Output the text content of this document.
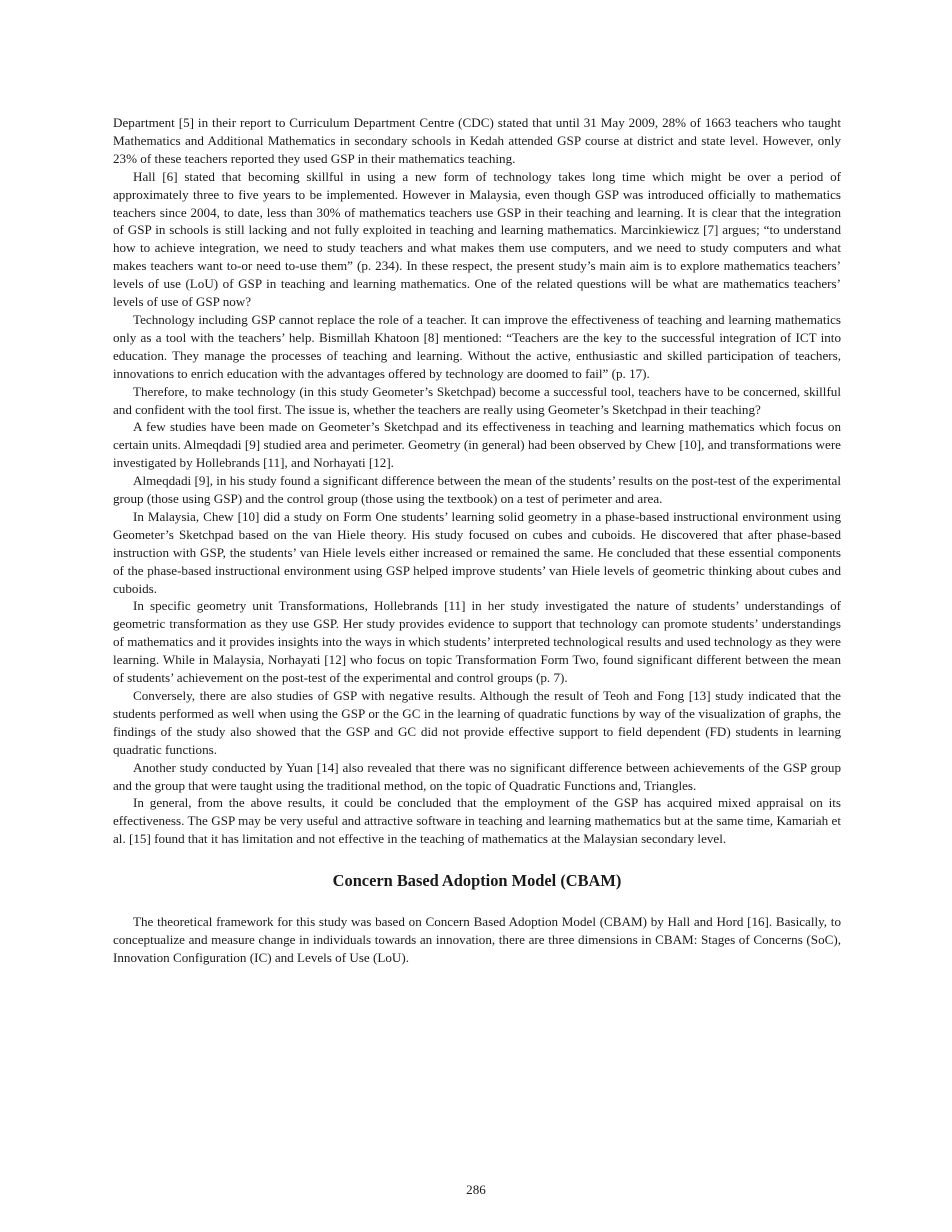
Department [5] in their report to Curriculum Department Centre (CDC) stated that until 31 May 2009, 28% of 1663 teachers who taught Mathematics and Additional Mathematics in secondary schools in Kedah attended GSP course at district and state level. However, only 23% of these teachers reported they used GSP in their mathematics teaching.

Hall [6] stated that becoming skillful in using a new form of technology takes long time which might be over a period of approximately three to five years to be implemented. However in Malaysia, even though GSP was introduced officially to mathematics teachers since 2004, to date, less than 30% of mathematics teachers use GSP in their teaching and learning. It is clear that the integration of GSP in schools is still lacking and not fully exploited in teaching and learning mathematics. Marcinkiewicz [7] argues; “to understand how to achieve integration, we need to study teachers and what makes them use computers, and we need to study computers and what makes teachers want to-or need to-use them” (p. 234). In these respect, the present study’s main aim is to explore mathematics teachers’ levels of use (LoU) of GSP in teaching and learning mathematics. One of the related questions will be what are mathematics teachers’ levels of use of GSP now?

Technology including GSP cannot replace the role of a teacher. It can improve the effectiveness of teaching and learning mathematics only as a tool with the teachers’ help. Bismillah Khatoon [8] mentioned: “Teachers are the key to the successful integration of ICT into education. They manage the processes of teaching and learning. Without the active, enthusiastic and skilled participation of teachers, innovations to enrich education with the advantages offered by technology are doomed to fail” (p. 17).

Therefore, to make technology (in this study Geometer’s Sketchpad) become a successful tool, teachers have to be concerned, skillful and confident with the tool first. The issue is, whether the teachers are really using Geometer’s Sketchpad in their teaching?

A few studies have been made on Geometer’s Sketchpad and its effectiveness in teaching and learning mathematics which focus on certain units. Almeqdadi [9] studied area and perimeter. Geometry (in general) had been observed by Chew [10], and transformations were investigated by Hollebrands [11], and Norhayati [12].

Almeqdadi [9], in his study found a significant difference between the mean of the students’ results on the post-test of the experimental group (those using GSP) and the control group (those using the textbook) on a test of perimeter and area.

In Malaysia, Chew [10] did a study on Form One students’ learning solid geometry in a phase-based instructional environment using Geometer’s Sketchpad based on the van Hiele theory. His study focused on cubes and cuboids. He discovered that after phase-based instruction with GSP, the students’ van Hiele levels either increased or remained the same. He concluded that these essential components of the phase-based instructional environment using GSP helped improve students’ van Hiele levels of geometric thinking about cubes and cuboids.

In specific geometry unit Transformations, Hollebrands [11] in her study investigated the nature of students’ understandings of geometric transformation as they use GSP. Her study provides evidence to support that technology can promote students’ understandings of mathematics and it provides insights into the ways in which students’ interpreted technological results and used technology as they were learning. While in Malaysia, Norhayati [12] who focus on topic Transformation Form Two, found significant different between the mean of students’ achievement on the post-test of the experimental and control groups (p. 7).

Conversely, there are also studies of GSP with negative results. Although the result of Teoh and Fong [13] study indicated that the students performed as well when using the GSP or the GC in the learning of quadratic functions by way of the visualization of graphs, the findings of the study also showed that the GSP and GC did not provide effective support to field dependent (FD) students in learning quadratic functions.

Another study conducted by Yuan [14] also revealed that there was no significant difference between achievements of the GSP group and the group that were taught using the traditional method, on the topic of Quadratic Functions and, Triangles.

In general, from the above results, it could be concluded that the employment of the GSP has acquired mixed appraisal on its effectiveness. The GSP may be very useful and attractive software in teaching and learning mathematics but at the same time, Kamariah et al. [15] found that it has limitation and not effective in the teaching of mathematics at the Malaysian secondary level.

Concern Based Adoption Model (CBAM)

The theoretical framework for this study was based on Concern Based Adoption Model (CBAM) by Hall and Hord [16]. Basically, to conceptualize and measure change in individuals towards an innovation, there are three dimensions in CBAM: Stages of Concerns (SoC), Innovation Configuration (IC) and Levels of Use (LoU).

286
